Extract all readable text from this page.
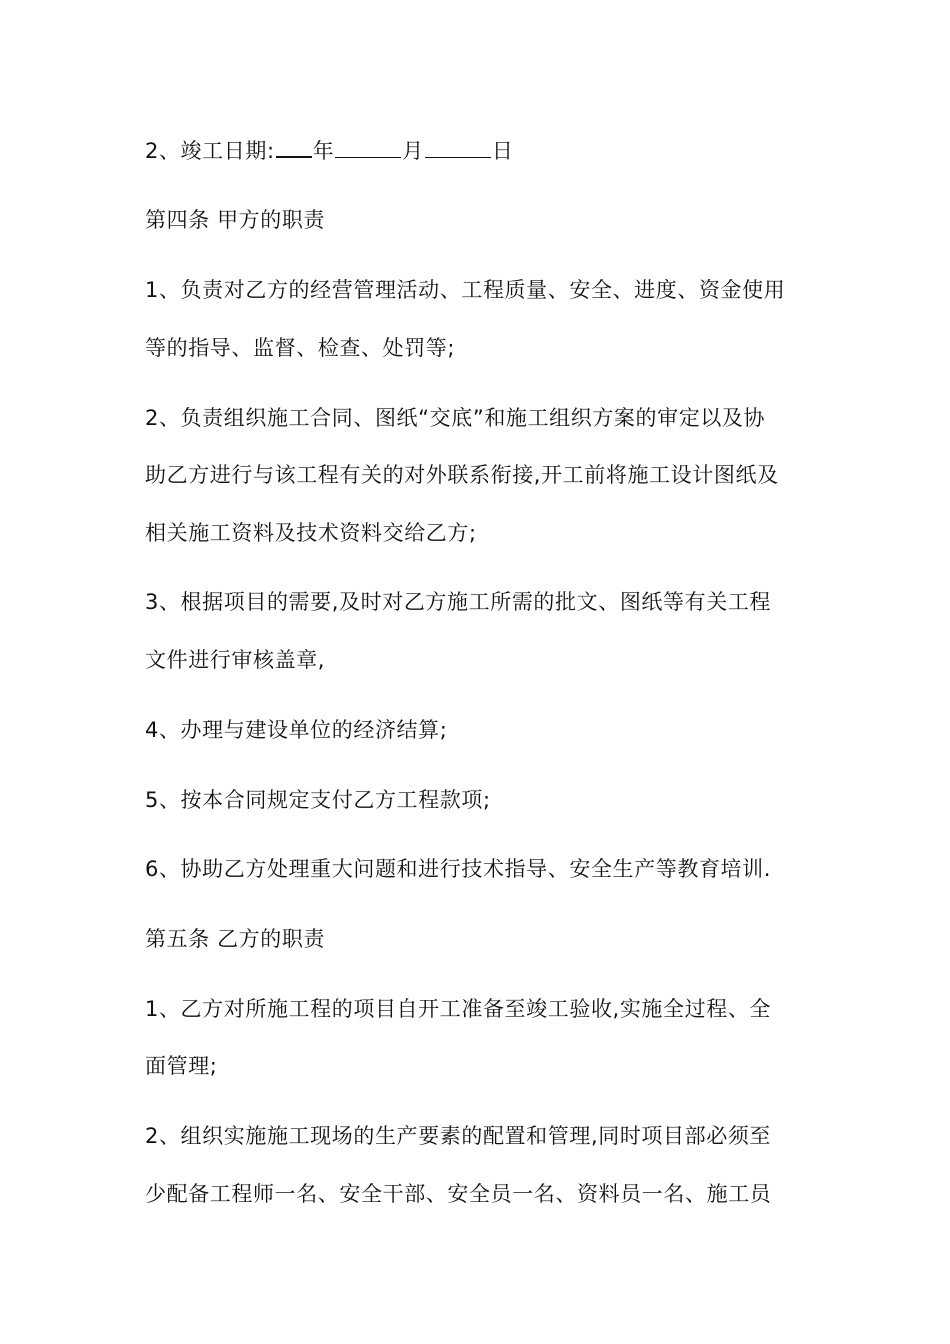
2、竣工日期: 年	月	日
第四条 甲方的职责
1、负责对乙方的经营管理活动、工程质量、安全、进度、资金使用
等的指导、监督、检查、处罚等;
2、负责组织施工合同、图纸“交底”和施工组织方案的审定以及协
助乙方进行与该工程有关的对外联系衔接,开工前将施工设计图纸及
相关施工资料及技术资料交给乙方;
3、根据项目的需要,及时对乙方施工所需的批文、图纸等有关工程
文件进行审核盖章,
4、办理与建设单位的经济结算;
5、按本合同规定支付乙方工程款项;
6、协助乙方处理重大问题和进行技术指导、安全生产等教育培训.
第五条 乙方的职责
1、乙方对所施工程的项目自开工准备至竣工验收,实施全过程、全
面管理;
2、组织实施施工现场的生产要素的配置和管理,同时项目部必须至
少配备工程师一名、安全干部、安全员一名、资料员一名、施工员
